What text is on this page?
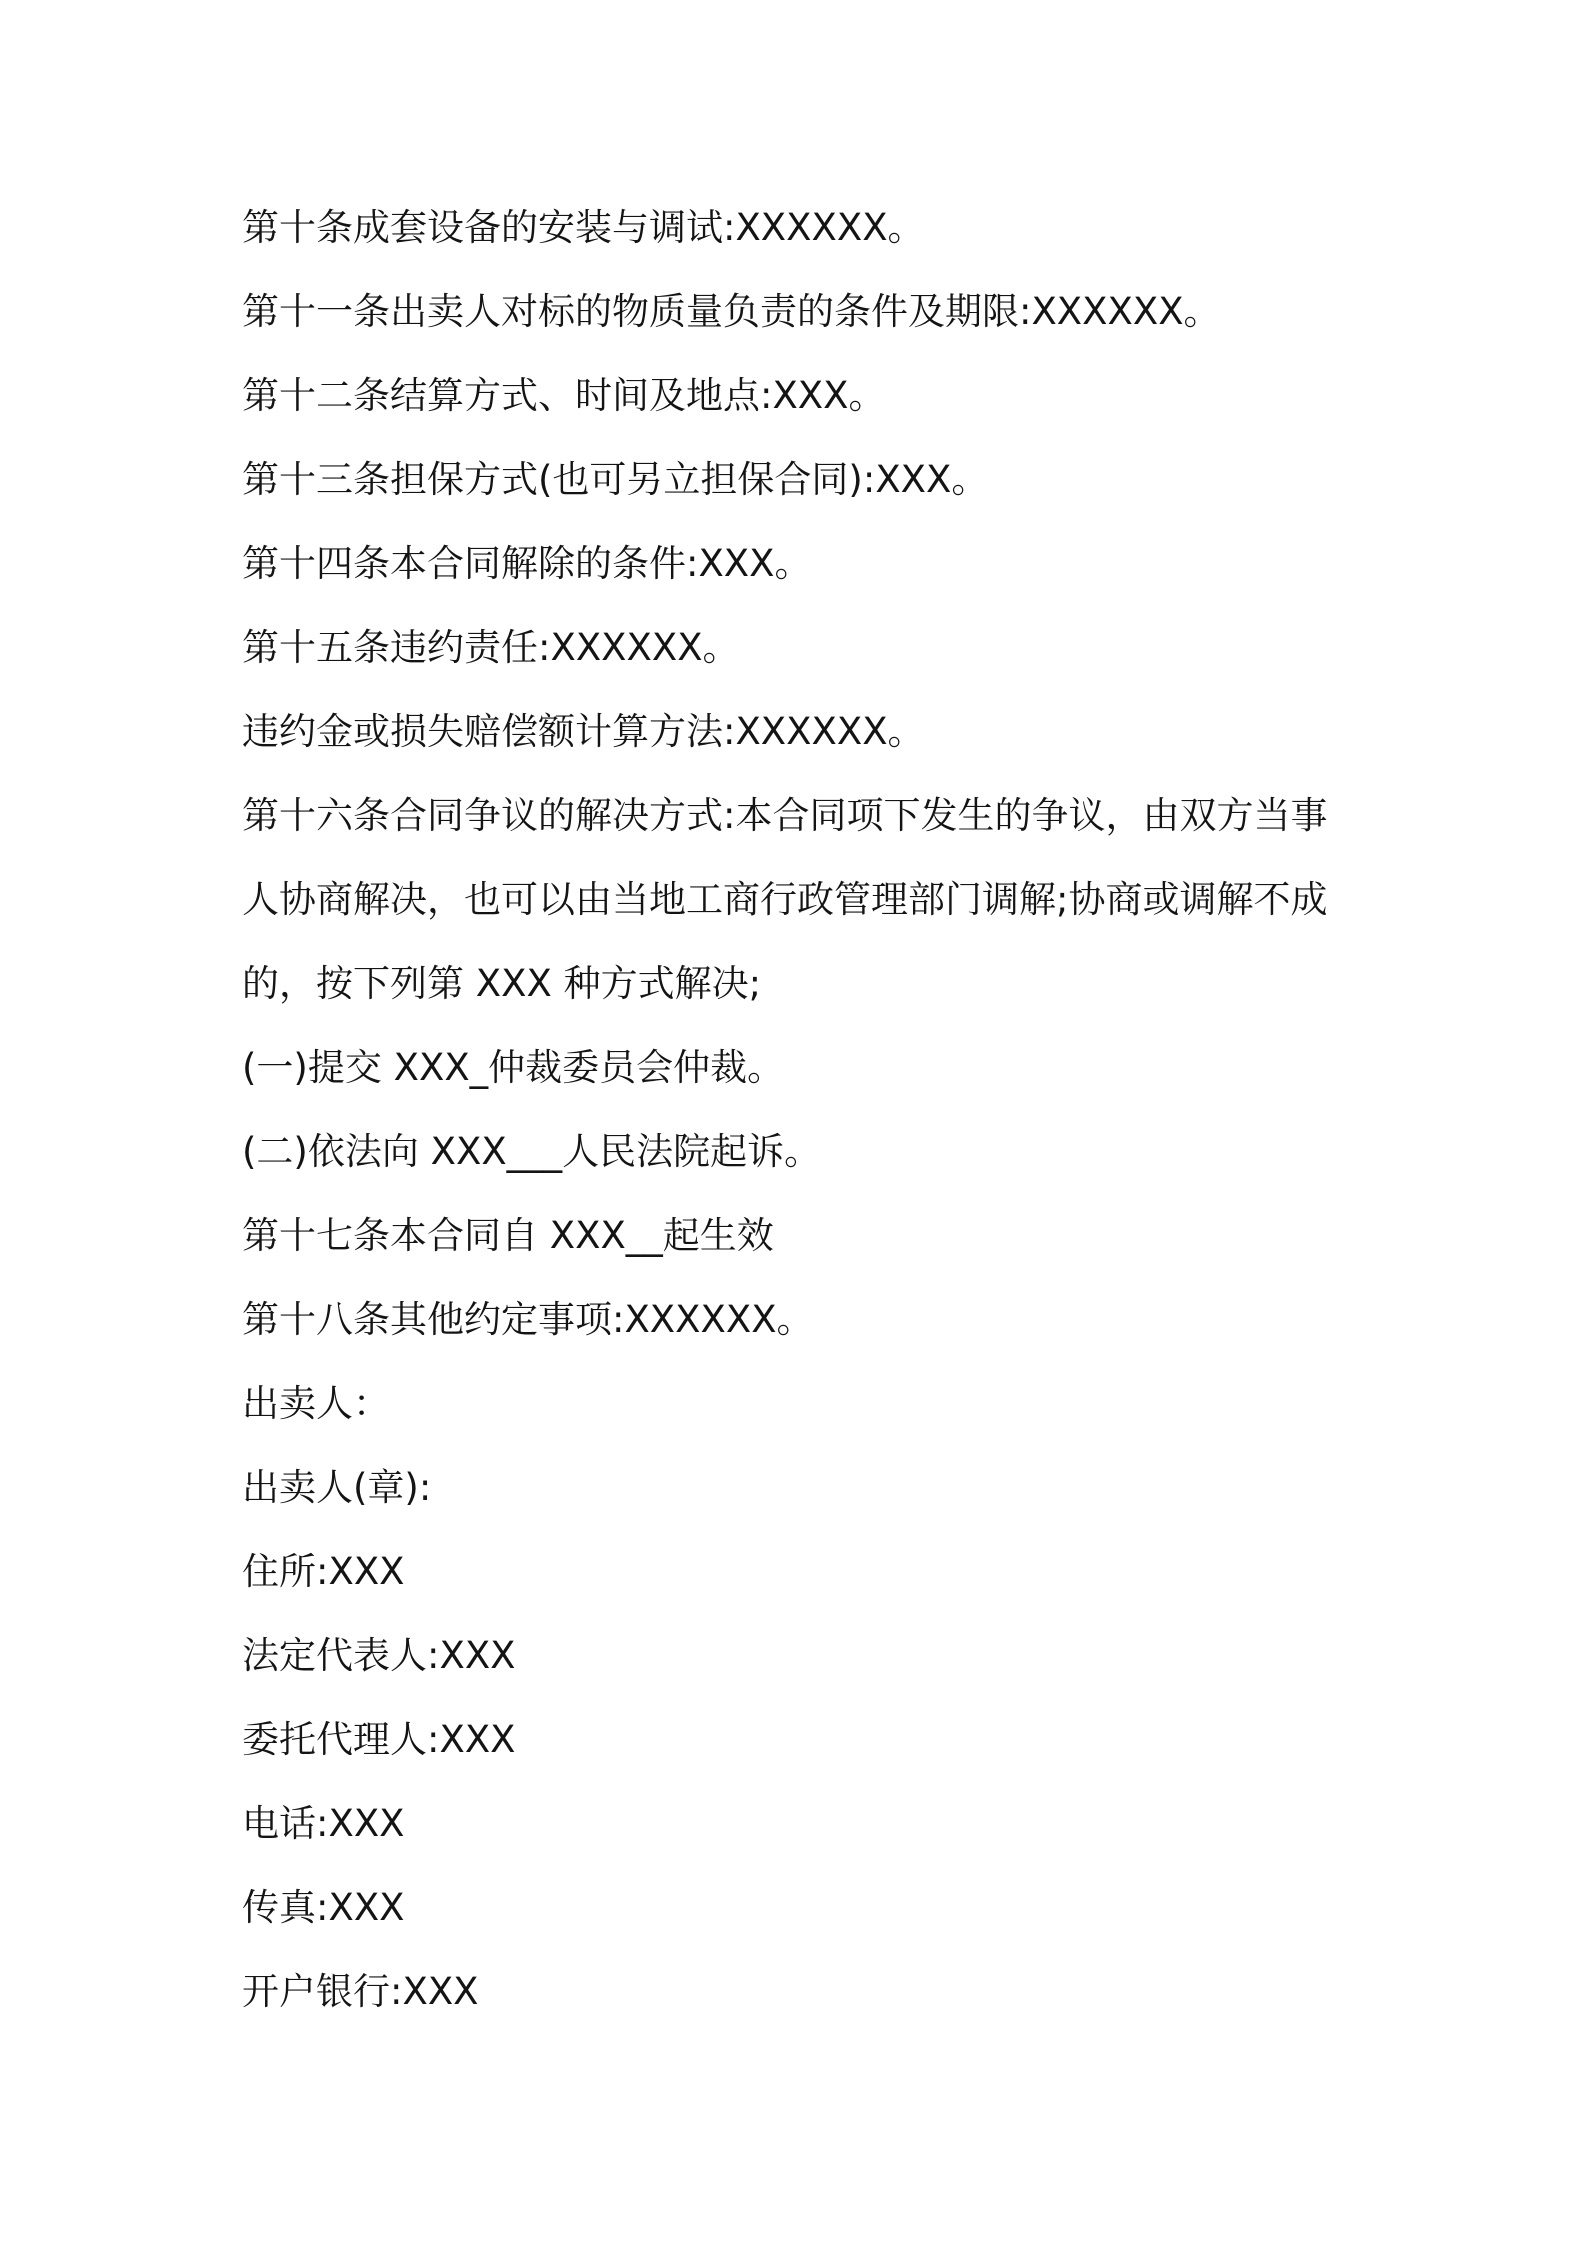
第十条成套设备的安装与调试:XXXXXX。
第十一条出卖人对标的物质量负责的条件及期限:XXXXXX。
第十二条结算方式、时间及地点:XXX。
第十三条担保方式(也可另立担保合同):XXX。
第十四条本合同解除的条件:XXX。
第十五条违约责任:XXXXXX。
违约金或损失赔偿额计算方法:XXXXXX。
第十六条合同争议的解决方式:本合同项下发生的争议，由双方当事
人协商解决，也可以由当地工商行政管理部门调解;协商或调解不成
的，按下列第 XXX 种方式解决;
(一)提交 XXX_仲裁委员会仲裁。
(二)依法向 XXX___人民法院起诉。
第十七条本合同自 XXX__起生效
第十八条其他约定事项:XXXXXX。
出卖人：
出卖人(章):
住所:XXX
法定代表人:XXX
委托代理人:XXX
电话:XXX
传真:XXX
开户银行:XXX
